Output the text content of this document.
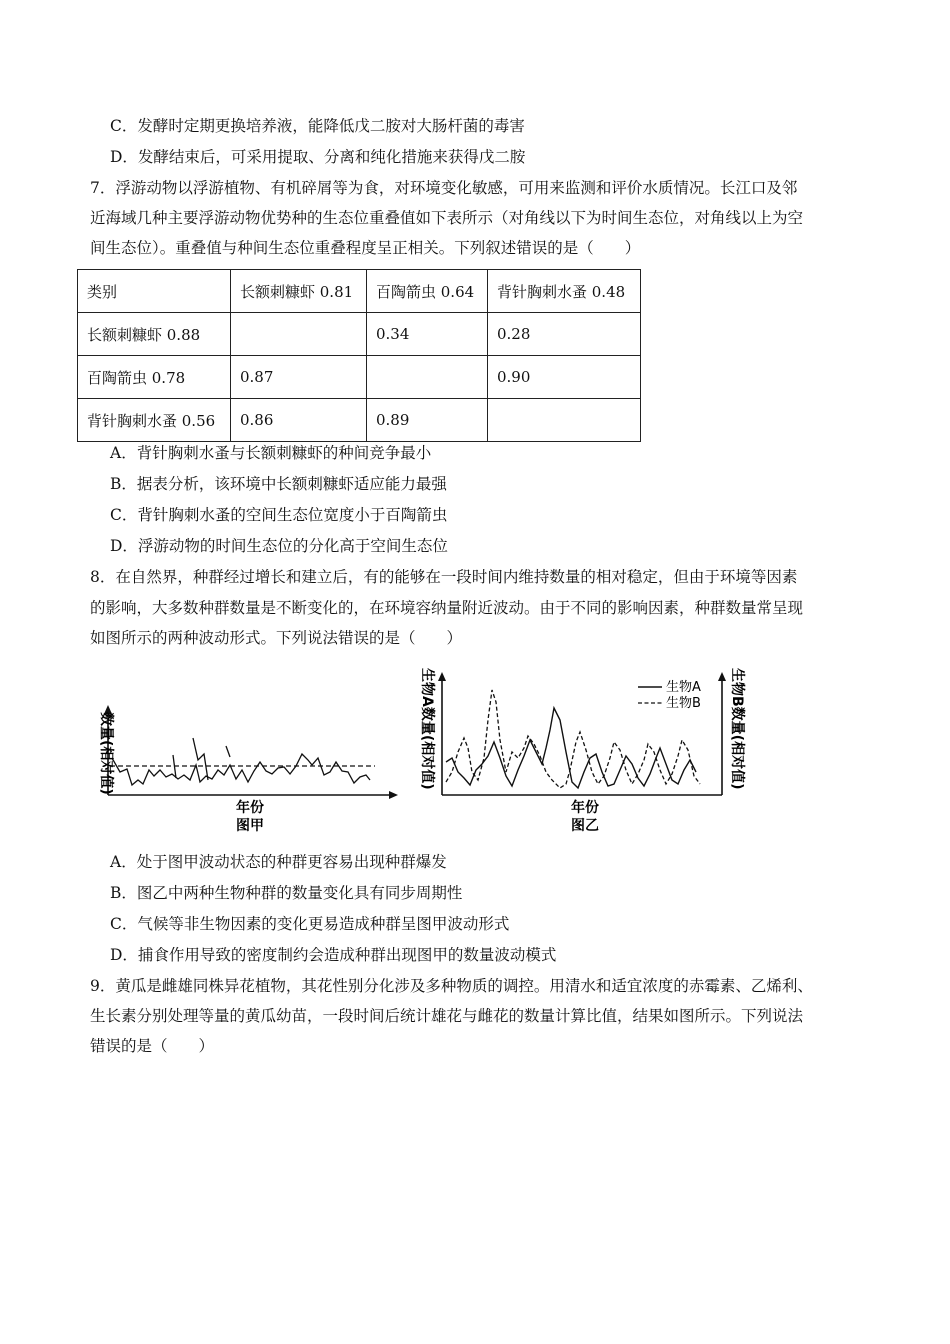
C．发酵时定期更换培养液，能降低戊二胺对大肠杆菌的毒害
D．发酵结束后，可采用提取、分离和纯化措施来获得戊二胺
7．浮游动物以浮游植物、有机碎屑等为食，对环境变化敏感，可用来监测和评价水质情况。长江口及邻
近海域几种主要浮游动物优势种的生态位重叠值如下表所示（对角线以下为时间生态位，对角线以上为空
间生态位）。重叠值与种间生态位重叠程度呈正相关。下列叙述错误的是（　　）
类别	长额刺糠虾 0.81	百陶箭虫 0.64	背针胸刺水蚤 0.48
长额刺糠虾 0.88		0.34	0.28
百陶箭虫 0.78	0.87		0.90
背针胸刺水蚤 0.56	0.86	0.89	
A．背针胸刺水蚤与长额刺糠虾的种间竞争最小
B．据表分析，该环境中长额刺糠虾适应能力最强
C．背针胸刺水蚤的空间生态位宽度小于百陶箭虫
D．浮游动物的时间生态位的分化高于空间生态位
8．在自然界，种群经过增长和建立后，有的能够在一段时间内维持数量的相对稳定，但由于环境等因素
的影响，大多数种群数量是不断变化的，在环境容纳量附近波动。由于不同的影响因素，种群数量常呈现
如图所示的两种波动形式。下列说法错误的是（　　）
数量(相对值)
年份
图甲
生物A
生物B
生物A数量(相对值)	生物B数量(相对值)
年份
图乙
A．处于图甲波动状态的种群更容易出现种群爆发
B．图乙中两种生物种群的数量变化具有同步周期性
C．气候等非生物因素的变化更易造成种群呈图甲波动形式
D．捕食作用导致的密度制约会造成种群出现图甲的数量波动模式
9．黄瓜是雌雄同株异花植物，其花性别分化涉及多种物质的调控。用清水和适宜浓度的赤霉素、乙烯利、
生长素分别处理等量的黄瓜幼苗，一段时间后统计雄花与雌花的数量计算比值，结果如图所示。下列说法
错误的是（　　）
